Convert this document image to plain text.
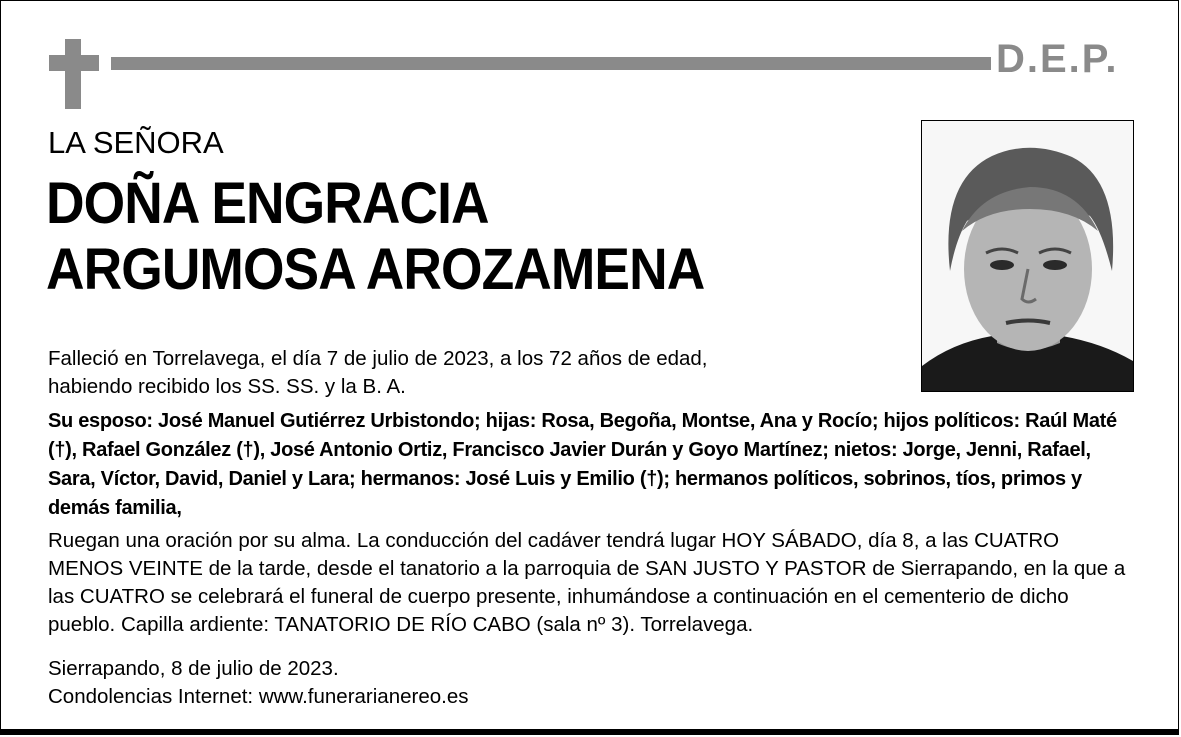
D.E.P.
LA SEÑORA
DOÑA ENGRACIA
ARGUMOSA AROZAMENA
Falleció en Torrelavega, el día 7 de julio de 2023, a los 72 años de edad,
habiendo recibido los SS. SS. y la B. A.
Su esposo: José Manuel Gutiérrez Urbistondo; hijas: Rosa, Begoña, Montse, Ana y Rocío; hijos políticos: Raúl Maté (†), Rafael González (†), José Antonio Ortiz, Francisco Javier Durán y Goyo Martínez; nietos: Jorge, Jenni, Rafael, Sara, Víctor, David, Daniel y Lara; hermanos: José Luis y Emilio (†); hermanos políticos, sobrinos, tíos, primos y demás familia,
Ruegan una oración por su alma. La conducción del cadáver tendrá lugar HOY SÁBADO, día 8, a las CUATRO MENOS VEINTE de la tarde, desde el tanatorio a la parroquia de SAN JUSTO Y PASTOR de Sierrapando, en la que a las CUATRO se celebrará el funeral de cuerpo presente, inhumándose a continuación en el cementerio de dicho pueblo. Capilla ardiente: TANATORIO DE RÍO CABO (sala nº 3). Torrelavega.
Sierrapando, 8 de julio de 2023.
Condolencias Internet: www.funerarianereo.es
